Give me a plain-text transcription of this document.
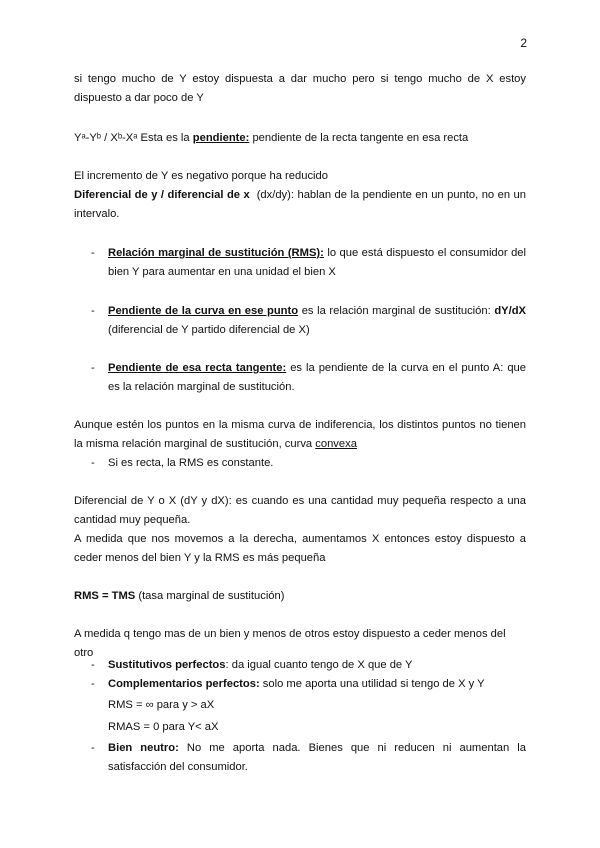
2
si tengo mucho de Y estoy dispuesta a dar mucho pero si tengo mucho de X estoy dispuesto a dar poco de Y
Yᵃ-Yᵇ / Xᵇ-Xᵃ Esta es la pendiente: pendiente de la recta tangente en esa recta
El incremento de Y es negativo porque ha reducido
Diferencial de y / diferencial de x (dx/dy): hablan de la pendiente en un punto, no en un intervalo.
- Relación marginal de sustitución (RMS): lo que está dispuesto el consumidor del bien Y para aumentar en una unidad el bien X
- Pendiente de la curva en ese punto es la relación marginal de sustitución: dY/dX (diferencial de Y partido diferencial de X)
- Pendiente de esa recta tangente: es la pendiente de la curva en el punto A: que es la relación marginal de sustitución.
Aunque estén los puntos en la misma curva de indiferencia, los distintos puntos no tienen la misma relación marginal de sustitución, curva convexa
- Si es recta, la RMS es constante.
Diferencial de Y o X (dY y dX): es cuando es una cantidad muy pequeña respecto a una cantidad muy pequeña.
A medida que nos movemos a la derecha, aumentamos X entonces estoy dispuesto a ceder menos del bien Y y la RMS es más pequeña
RMS = TMS (tasa marginal de sustitución)
A medida q tengo mas de un bien y menos de otros estoy dispuesto a ceder menos del otro
- Sustitutivos perfectos: da igual cuanto tengo de X que de Y
- Complementarios perfectos: solo me aporta una utilidad si tengo de X y Y
RMS = ∞ para y > aX
RMAS = 0 para Y< aX
- Bien neutro: No me aporta nada. Bienes que ni reducen ni aumentan la satisfacción del consumidor.
